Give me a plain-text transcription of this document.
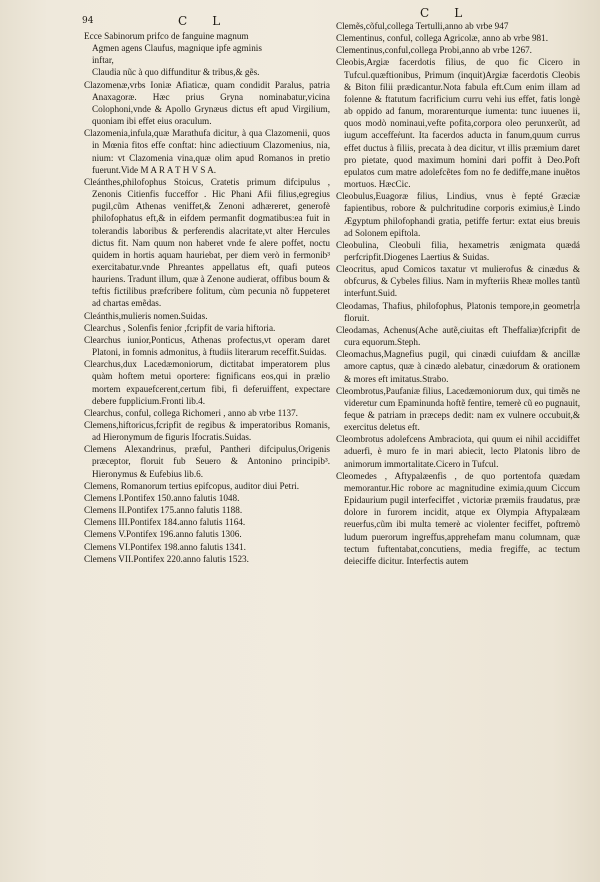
94	C     L
C     L

Ecce Sabinorum prifco de fanguine magnum
Agmen agens Claufus, magnique ipfe agminis
inftar,
Claudia nũc à quo diffunditur & tribus,& gẽs.

Clazomenæ,vrbs Ioniæ Afiaticæ, quam condidit Paralus, patria Anaxagoræ. Hæc prius Gryna nominabatur,vicina Colophoni,vnde & Apollo Grynæus dictus eft apud Virgilium, quoniam ibi effet eius oraculum.

Clazomenia,infula,quæ Marathufa dicitur, à qua Clazomenii, quos in Mœnia fitos effe conftat: hinc adiectiuum Clazomenius, nia, nium: vt Clazomenia vina,quæ olim apud Romanos in pretio fuerunt.Vide M A R A T H V S A.

Cleánthes,philofophus Stoicus, Cratetis primum difcipulus , Zenonis Citienfis fucceffor . Hic Phani Afii filius,egregius pugil,cũm Athenas veniffet,& Zenoni adhæreret, generofè philofophatus eft,& in eifdem permanfit dogmatibus:ea fuit in tolerandis laboribus & perferendis alacritate,vt alter Hercules dictus fit. Nam quum non haberet vnde fe alere poffet, noctu quidem in hortis aquam hauriebat, per diem verò in fermonib³ exercitabatur.vnde Phreantes appellatus eft, quafi puteos hauriens. Tradunt illum, quæ à Zenone audierat, offibus boum & teftis fictilibus præfcribere folitum, cùm pecunia nõ fuppeteret ad chartas emẽdas.

Cleánthis,mulieris nomen.Suidas.

Clearchus , Solenfis fenior ,fcripfit de varia hiftoria.

Clearchus iunior,Ponticus, Athenas profectus,vt operam daret Platoni, in fomnis admonitus, à ftudiis literarum receffit.Suidas.

Clearchus,dux Lacedæmoniorum, dictitabat imperatorem plus quàm hoftem metui oportere: fignificans eos,qui in prælio mortem expauefcerent,certum fibi, fi deferuiffent, expectare debere fupplicium.Fronti lib.4.

Clearchus, conful, collega Richomeri , anno ab vrbe 1137.

Clemens,hiftoricus,fcripfit de regibus & imperatoribus Romanis, ad Hieronymum de figuris Ifocratis.Suidas.

Clemens Alexandrinus, præful, Pantheri difcipulus,Origenis præceptor, floruit fub Seuero & Antonino principib³. Hieronymus & Eufebius lib.6.

Clemens, Romanorum tertius epifcopus, auditor diui Petri.

Clemens I.Pontifex 150.anno falutis 1048.

Clemens II.Pontifex 175.anno falutis 1188.

Clemens III.Pontifex 184.anno falutis 1164.

Clemens V.Pontifex 196.anno falutis 1306.

Clemens VI.Pontifex 198.anno falutis 1341.

Clemens VII.Pontifex 220.anno falutis 1523.

Clemẽs,cõful,collega Tertulli,anno ab vrbe 947

Clementinus, conful, collega Agricolæ, anno ab vrbe 981.

Clementinus,conful,collega Probi,anno ab vrbe 1267.

Cleobis,Argiæ facerdotis filius, de quo fic Cicero in Tufcul.quæftionibus, Primum (inquit)Argiæ facerdotis Cleobis & Biton filii prædicantur.Nota fabula eft.Cum enim illam ad folenne & ftatutum facrificium curru vehi ius effet, fatis longè ab oppido ad fanum, morarenturque iumenta: tunc iuuenes ii, quos modò nominaui,vefte pofita,corpora oleo perunxerũt, ad iugum acceffeṙunt. Ita facerdos aducta in fanum,quum currus effet ductus à filiis, precata à dea dicitur, vt illis præmium daret pro pietate, quod maximum homini dari poffit à Deo.Poft epulatos cum matre adolefcẽtes fom no fe dediffe,mane inuẽtos mortuos. HæcCic.

Cleobulus,Euagoræ filius, Lindius, vnus è fepté Græciæ fapientibus, robore & pulchritudine corporis eximius,è Lindo Ægyptum philofophandi gratia, petiffe fertur: extat eius breuis ad Solonem epiftola.

Cleobulina, Cleobuli filia, hexametris ænigmata quædá perfcripfit.Diogenes Laertius & Suidas.

Cleocritus, apud Comicos taxatur vt mulierofus & cinædus & obfcurus, & Cybeles filius. Nam in myfteriis Rheæ molles tantũ interfunt.Suid.

Cleodamas, Thafius, philofophus, Platonis tempore,in geometria floruit.

Cleodamas, Achenus(Ache autẽ,ciuitas eft Theffaliæ)fcripfit de cura equorum.Steph.

Cleomachus,Magnefius pugil, qui cinædi cuiufdam & ancillæ amore captus, quæ à cinædo alebatur, cinædorum & orationem & mores eft imitatus.Strabo.

Cleombrotus,Paufaniæ filius, Lacedæmoniorum dux, qui timẽs ne videretur cum Epaminunda hoftẽ fentire, temerè cũ eo pugnauit, feque & patriam in præceps dedit: nam ex vulnere occubuit,& exercitus deletus eft.

Cleombrotus adolefcens Ambraciota, qui quum ei nihil accidiffet aduerfi, è muro fe in mari abiecit, lecto Platonis libro de animorum immortalitate.Cicero in Tufcul.

Cleomedes , Aftypalæenfis , de quo portentofa quædam memorantur.Hic robore ac magnitudine eximia,quum Ciccum Epidaurium pugil interfeciffet , victoriæ præmiis fraudatus, præ dolore in furorem incidit, atque ex Olympia Aftypalæam reuerfus,cũm ibi multa temerè ac violenter feciffet, poftremò ludum puerorum ingreffus,apprehefam manu columnam, quæ tectum fuftentabat,concutiens, media fregiffe, ac tectum deieciffe dicitur. Interfectis autem
